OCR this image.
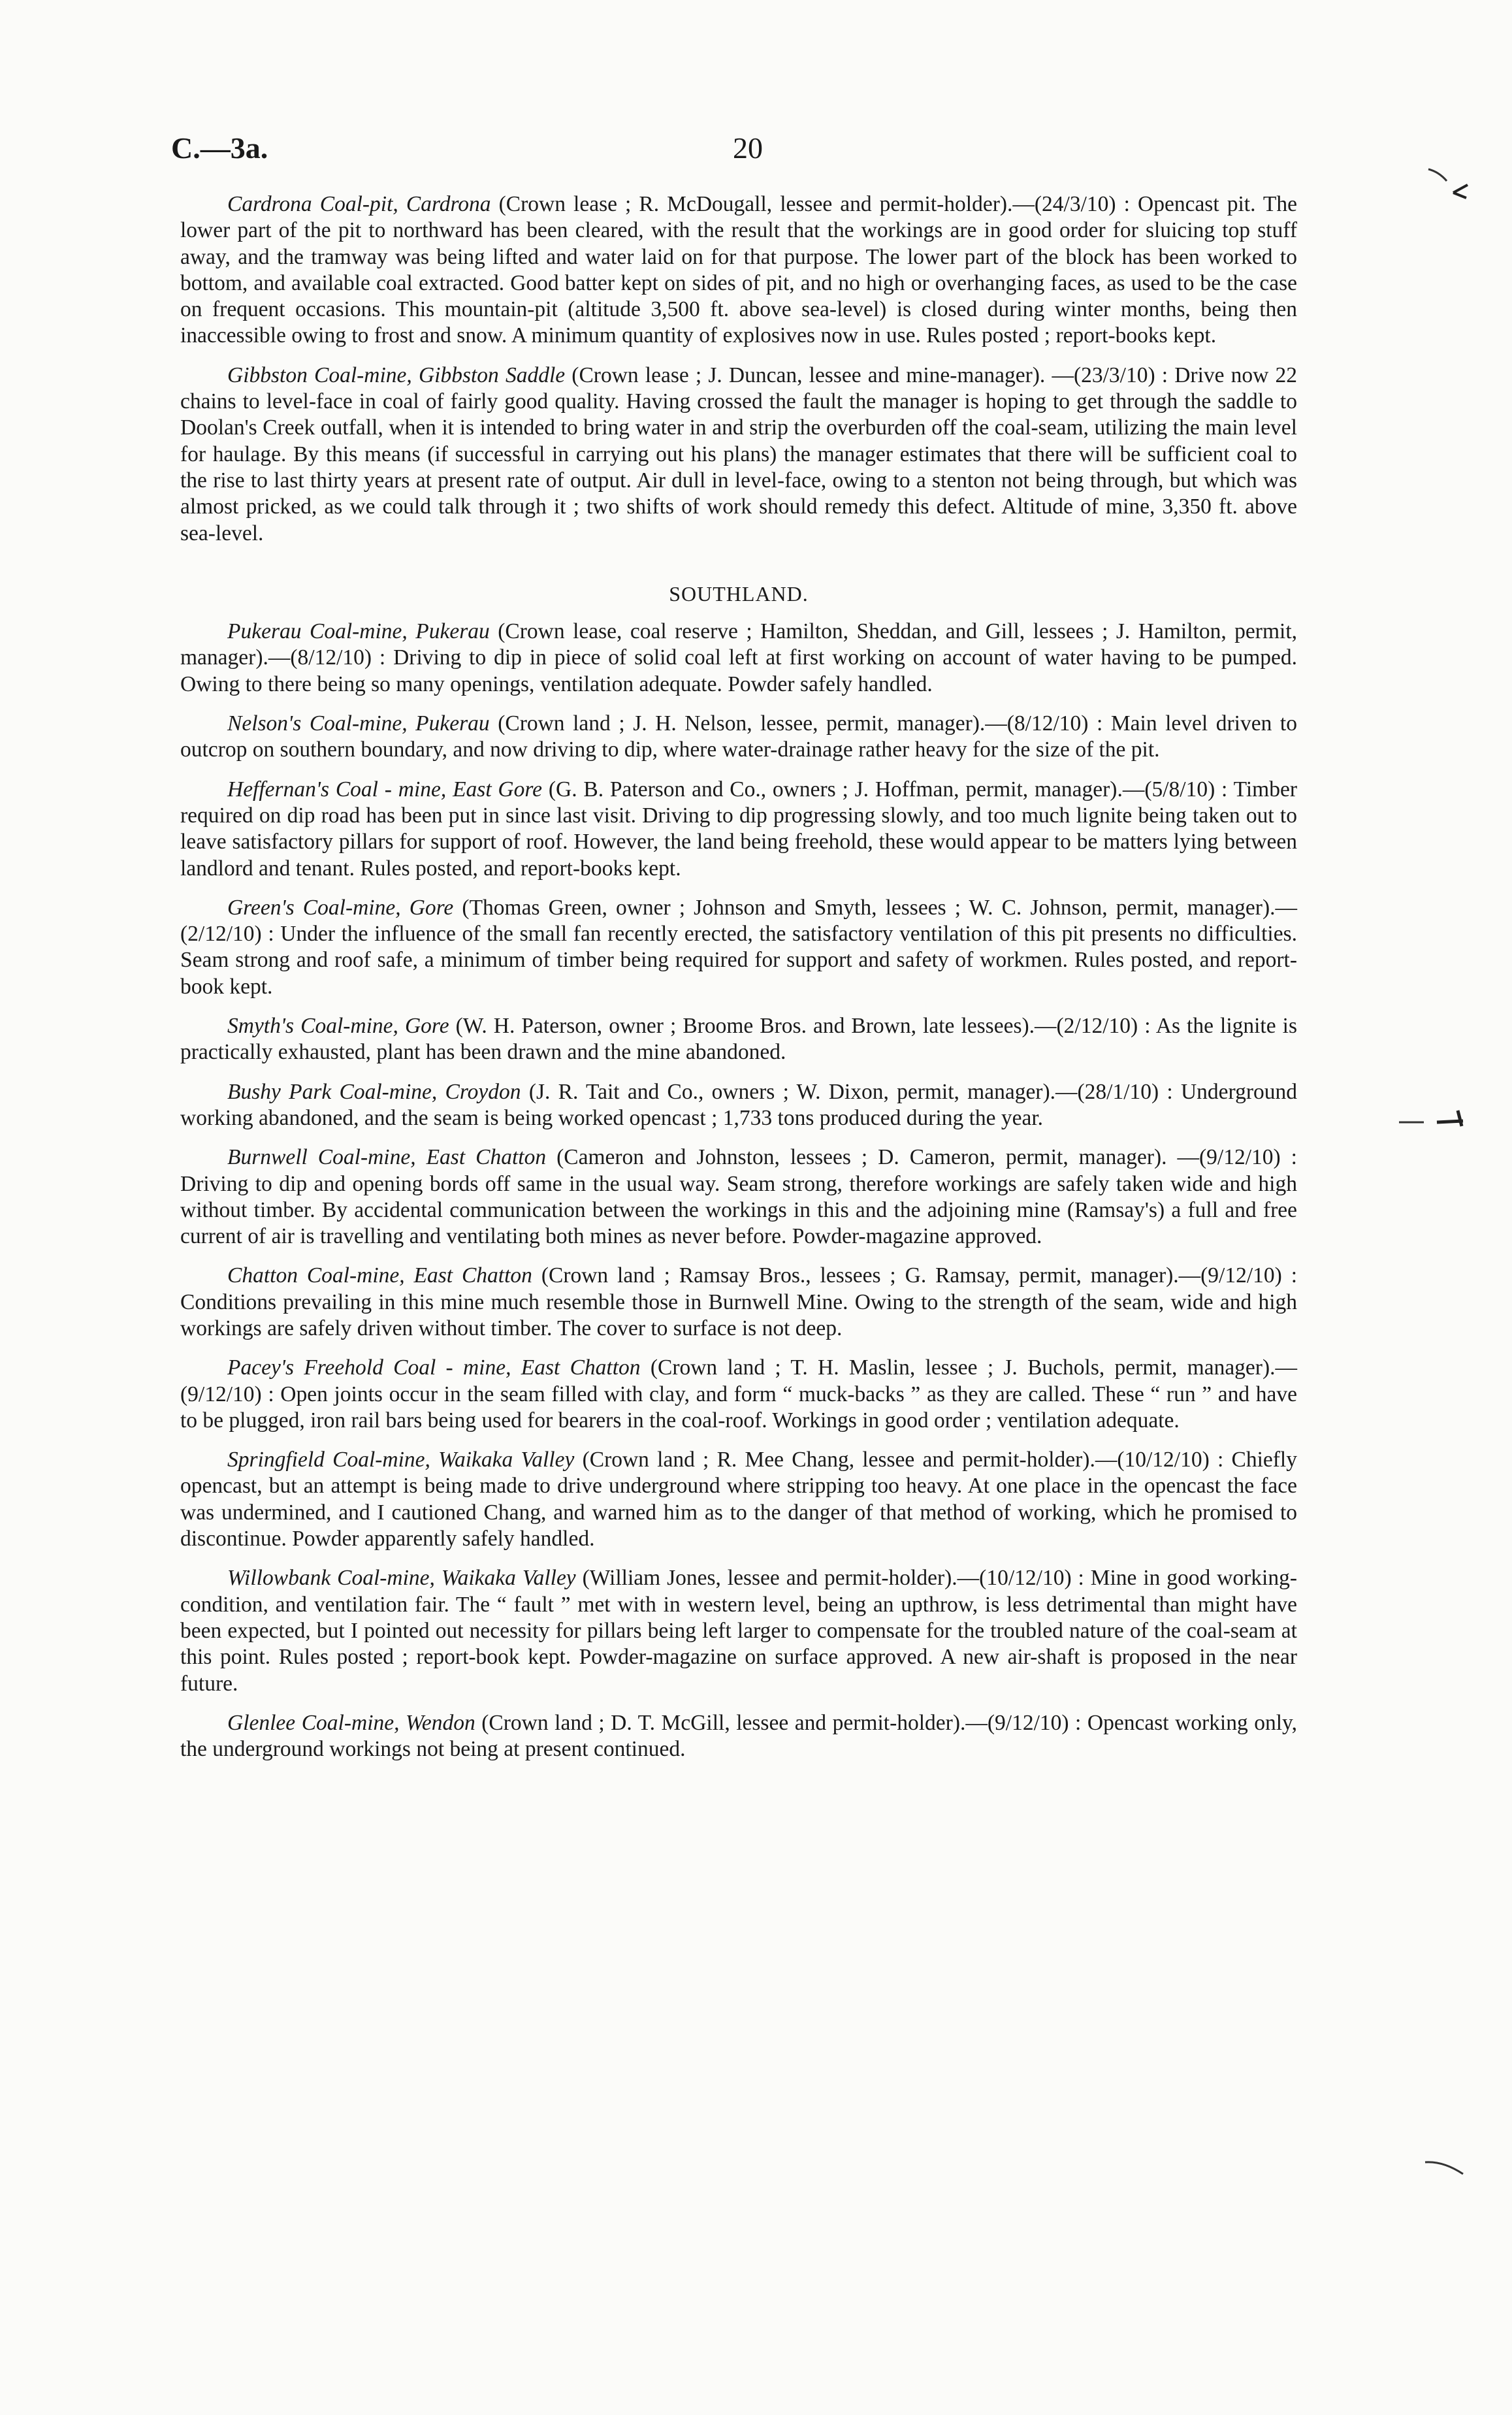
C.—3a.	20

Cardrona Coal-pit, Cardrona (Crown lease ; R. McDougall, lessee and permit-holder).—(24/3/10) : Opencast pit. The lower part of the pit to northward has been cleared, with the result that the workings are in good order for sluicing top stuff away, and the tramway was being lifted and water laid on for that purpose. The lower part of the block has been worked to bottom, and available coal extracted. Good batter kept on sides of pit, and no high or overhanging faces, as used to be the case on frequent occasions. This mountain-pit (altitude 3,500 ft. above sea-level) is closed during winter months, being then inaccessible owing to frost and snow. A minimum quantity of explosives now in use. Rules posted ; report-books kept.

Gibbston Coal-mine, Gibbston Saddle (Crown lease ; J. Duncan, lessee and mine-manager). —(23/3/10) : Drive now 22 chains to level-face in coal of fairly good quality. Having crossed the fault the manager is hoping to get through the saddle to Doolan's Creek outfall, when it is intended to bring water in and strip the overburden off the coal-seam, utilizing the main level for haulage. By this means (if successful in carrying out his plans) the manager estimates that there will be sufficient coal to the rise to last thirty years at present rate of output. Air dull in level-face, owing to a stenton not being through, but which was almost pricked, as we could talk through it ; two shifts of work should remedy this defect. Altitude of mine, 3,350 ft. above sea-level.

SOUTHLAND.

Pukerau Coal-mine, Pukerau (Crown lease, coal reserve ; Hamilton, Sheddan, and Gill, lessees ; J. Hamilton, permit, manager).—(8/12/10) : Driving to dip in piece of solid coal left at first working on account of water having to be pumped. Owing to there being so many openings, ventilation adequate. Powder safely handled.

Nelson's Coal-mine, Pukerau (Crown land ; J. H. Nelson, lessee, permit, manager).—(8/12/10) : Main level driven to outcrop on southern boundary, and now driving to dip, where water-drainage rather heavy for the size of the pit.

Heffernan's Coal - mine, East Gore (G. B. Paterson and Co., owners ; J. Hoffman, permit, manager).—(5/8/10) : Timber required on dip road has been put in since last visit. Driving to dip progressing slowly, and too much lignite being taken out to leave satisfactory pillars for support of roof. However, the land being freehold, these would appear to be matters lying between landlord and tenant. Rules posted, and report-books kept.

Green's Coal-mine, Gore (Thomas Green, owner ; Johnson and Smyth, lessees ; W. C. Johnson, permit, manager).—(2/12/10) : Under the influence of the small fan recently erected, the satisfactory ventilation of this pit presents no difficulties. Seam strong and roof safe, a minimum of timber being required for support and safety of workmen. Rules posted, and report-book kept.

Smyth's Coal-mine, Gore (W. H. Paterson, owner ; Broome Bros. and Brown, late lessees).—(2/12/10) : As the lignite is practically exhausted, plant has been drawn and the mine abandoned.

Bushy Park Coal-mine, Croydon (J. R. Tait and Co., owners ; W. Dixon, permit, manager).—(28/1/10) : Underground working abandoned, and the seam is being worked opencast ; 1,733 tons produced during the year.

Burnwell Coal-mine, East Chatton (Cameron and Johnston, lessees ; D. Cameron, permit, manager). —(9/12/10) : Driving to dip and opening bords off same in the usual way. Seam strong, therefore workings are safely taken wide and high without timber. By accidental communication between the workings in this and the adjoining mine (Ramsay's) a full and free current of air is travelling and ventilating both mines as never before. Powder-magazine approved.

Chatton Coal-mine, East Chatton (Crown land ; Ramsay Bros., lessees ; G. Ramsay, permit, manager).—(9/12/10) : Conditions prevailing in this mine much resemble those in Burnwell Mine. Owing to the strength of the seam, wide and high workings are safely driven without timber. The cover to surface is not deep.

Pacey's Freehold Coal - mine, East Chatton (Crown land ; T. H. Maslin, lessee ; J. Buchols, permit, manager).—(9/12/10) : Open joints occur in the seam filled with clay, and form “ muck-backs ” as they are called. These “ run ” and have to be plugged, iron rail bars being used for bearers in the coal-roof. Workings in good order ; ventilation adequate.

Springfield Coal-mine, Waikaka Valley (Crown land ; R. Mee Chang, lessee and permit-holder).—(10/12/10) : Chiefly opencast, but an attempt is being made to drive underground where stripping too heavy. At one place in the opencast the face was undermined, and I cautioned Chang, and warned him as to the danger of that method of working, which he promised to discontinue. Powder apparently safely handled.

Willowbank Coal-mine, Waikaka Valley (William Jones, lessee and permit-holder).—(10/12/10) : Mine in good working-condition, and ventilation fair. The “ fault ” met with in western level, being an upthrow, is less detrimental than might have been expected, but I pointed out necessity for pillars being left larger to compensate for the troubled nature of the coal-seam at this point. Rules posted ; report-book kept. Powder-magazine on surface approved. A new air-shaft is proposed in the near future.

Glenlee Coal-mine, Wendon (Crown land ; D. T. McGill, lessee and permit-holder).—(9/12/10) : Opencast working only, the underground workings not being at present continued.
